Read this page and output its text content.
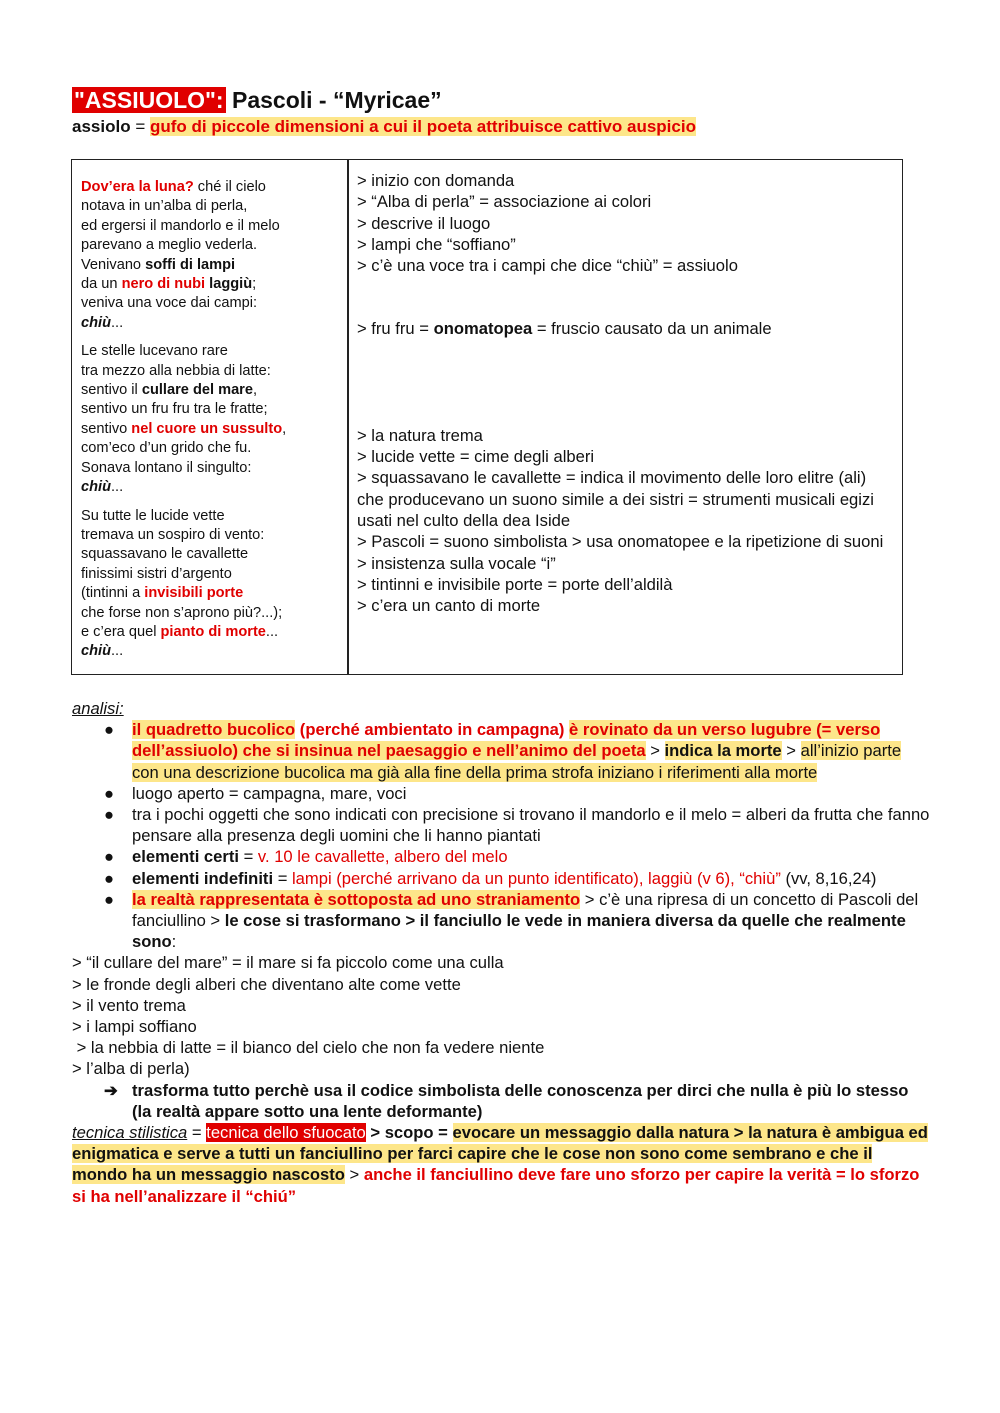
"ASSIUOLO": Pascoli - “Myricae”
assiolo = gufo di piccole dimensioni a cui il poeta attribuisce cattivo auspicio
Dov’era la luna? ché il cielo
notava in un’alba di perla,
ed ergersi il mandorlo e il melo
parevano a meglio vederla.
Venivano soffi di lampi
da un nero di nubi laggiù;
veniva una voce dai campi:
chiù...
Le stelle lucevano rare
tra mezzo alla nebbia di latte:
sentivo il cullare del mare,
sentivo un fru fru tra le fratte;
sentivo nel cuore un sussulto,
com’eco d’un grido che fu.
Sonava lontano il singulto:
chiù...
Su tutte le lucide vette
tremava un sospiro di vento:
squassavano le cavallette
finissimi sistri d’argento
(tintinni a invisibili porte
che forse non s’aprono più?...);
e c’era quel pianto di morte...
chiù...
> inizio con domanda
> “Alba di perla” = associazione ai colori
> descrive il luogo
> lampi che “soffiano”
> c’è una voce tra i campi che dice “chiù” = assiuolo
> fru fru = onomatopea = fruscio causato da un animale
> la natura trema
> lucide vette = cime degli alberi
> squassavano le cavallette = indica il movimento delle loro elitre (ali) che producevano un suono simile a dei sistri = strumenti musicali egizi usati nel culto della dea Iside
> Pascoli = suono simbolista > usa onomatopee e la ripetizione di suoni > insistenza sulla vocale “i”
> tintinni e invisibile porte = porte dell’aldilà
> c’era un canto di morte
analisi:
● il quadretto bucolico (perché ambientato in campagna) è rovinato da un verso lugubre (= verso dell’assiuolo) che si insinua nel paesaggio e nell’animo del poeta > indica la morte > all’inizio parte con una descrizione bucolica ma già alla fine della prima strofa iniziano i riferimenti alla morte
● luogo aperto = campagna, mare, voci
● tra i pochi oggetti che sono indicati con precisione si trovano il mandorlo e il melo = alberi da frutta che fanno pensare alla presenza degli uomini che li hanno piantati
● elementi certi = v. 10 le cavallette, albero del melo
● elementi indefiniti = lampi (perché arrivano da un punto identificato), laggiù (v 6), “chiù” (vv, 8,16,24)
● la realtà rappresentata è sottoposta ad uno straniamento > c’è una ripresa di un concetto di Pascoli del fanciullino > le cose si trasformano > il fanciullo le vede in maniera diversa da quelle che realmente sono:
> “il cullare del mare” = il mare si fa piccolo come una culla
> le fronde degli alberi che diventano alte come vette
> il vento trema
> i lampi soffiano
> la nebbia di latte = il bianco del cielo che non fa vedere niente
> l’alba di perla)
➔ trasforma tutto perchè usa il codice simbolista delle conoscenza per dirci che nulla è più lo stesso (la realtà appare sotto una lente deformante)
tecnica stilistica = tecnica dello sfuocato > scopo = evocare un messaggio dalla natura > la natura è ambigua ed enigmatica e serve a tutti un fanciullino per farci capire che le cose non sono come sembrano e che il mondo ha un messaggio nascosto > anche il fanciullino deve fare uno sforzo per capire la verità = lo sforzo si ha nell’analizzare il “chiú”
